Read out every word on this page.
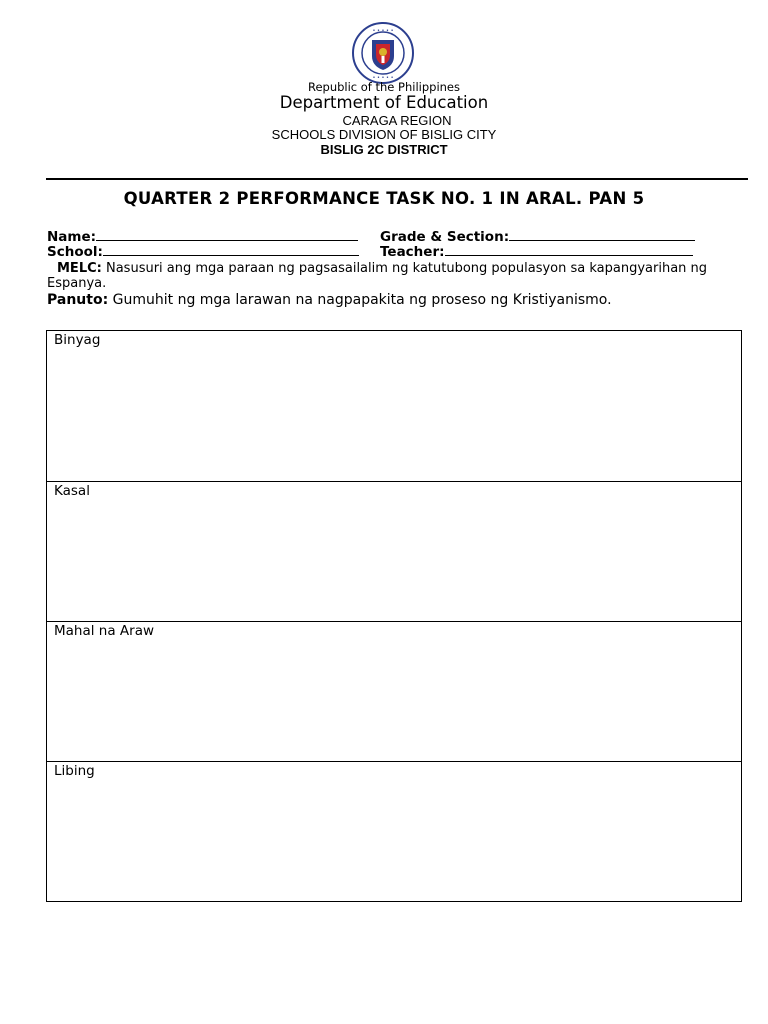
• • • • •
• • • • •
Republic of the Philippines
Department of Education
CARAGA REGION
SCHOOLS DIVISION OF BISLIG CITY
BISLIG 2C DISTRICT
QUARTER 2 PERFORMANCE TASK NO. 1 IN ARAL. PAN 5
Name:	Grade & Section:
School:	Teacher:
MELC: Nasusuri ang mga paraan ng pagsasailalim ng katutubong populasyon sa kapangyarihan ng Espanya.
Panuto: Gumuhit ng mga larawan na nagpapakita ng proseso ng Kristiyanismo.
Binyag
Kasal
Mahal na Araw
Libing
